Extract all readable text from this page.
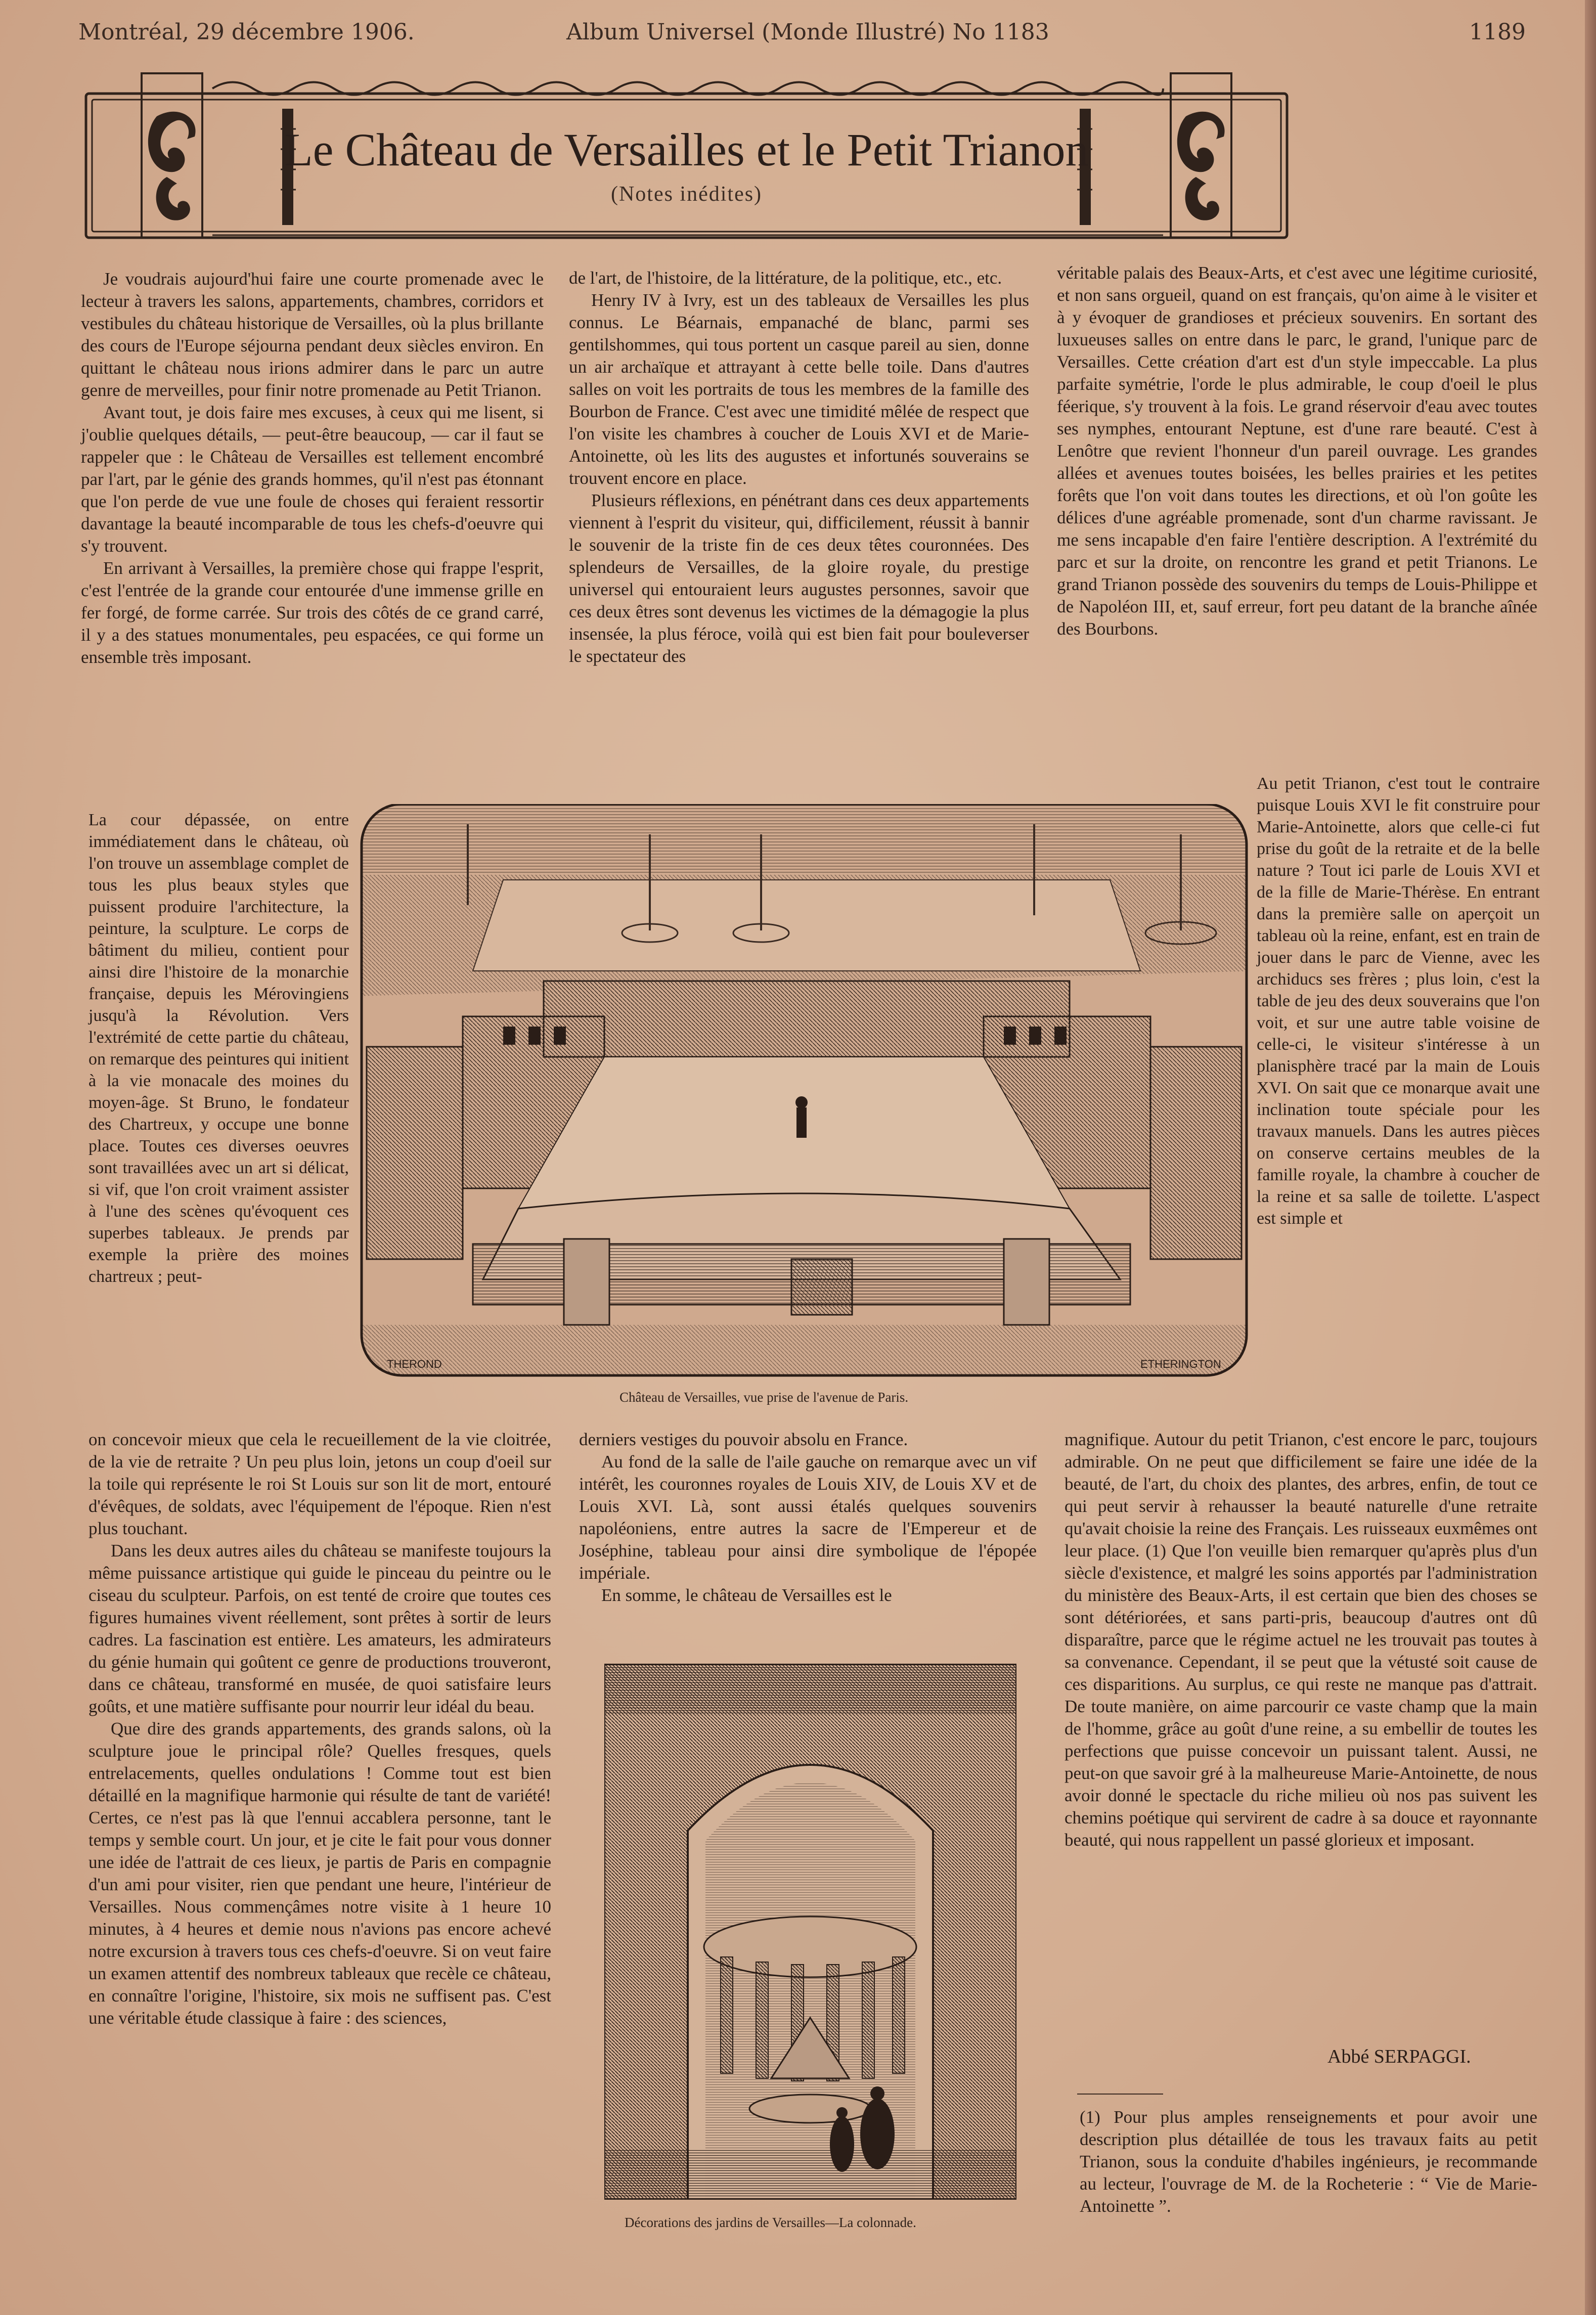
Montréal, 29 décembre 1906.	Album Universel (Monde Illustré) No 1183	1189
Le Château de Versailles et le Petit Trianon
(Notes inédites)

Je voudrais aujourd'hui faire une courte promenade avec le lecteur à travers les salons, appartements, chambres, corridors et vestibules du château historique de Versailles, où la plus brillante des cours de l'Europe séjourna pendant deux siècles environ. En quittant le château nous irions admirer dans le parc un autre genre de merveilles, pour finir notre promenade au Petit Trianon.

Avant tout, je dois faire mes excuses, à ceux qui me lisent, si j'oublie quelques détails, — peut-être beaucoup, — car il faut se rappeler que : le Château de Versailles est tellement encombré par l'art, par le génie des grands hommes, qu'il n'est pas étonnant que l'on perde de vue une foule de choses qui feraient ressortir davantage la beauté incomparable de tous les chefs-d'oeuvre qui s'y trouvent.

En arrivant à Versailles, la première chose qui frappe l'esprit, c'est l'entrée de la grande cour entourée d'une immense grille en fer forgé, de forme carrée. Sur trois des côtés de ce grand carré, il y a des statues monumentales, peu espacées, ce qui forme un ensemble très imposant.

La cour dépassée, on entre immédiatement dans le château, où l'on trouve un assemblage complet de tous les plus beaux styles que puissent produire l'architecture, la peinture, la sculpture. Le corps de bâtiment du milieu, contient pour ainsi dire l'histoire de la monarchie française, depuis les Mérovingiens jusqu'à la Révolution. Vers l'extrémité de cette partie du château, on remarque des peintures qui initient à la vie monacale des moines du moyen-âge. St Bruno, le fondateur des Chartreux, y occupe une bonne place. Toutes ces diverses oeuvres sont travaillées avec un art si délicat, si vif, que l'on croit vraiment assister à l'une des scènes qu'évoquent ces superbes tableaux. Je prends par exemple la prière des moines chartreux ; peut-

on concevoir mieux que cela le recueillement de la vie cloitrée, de la vie de retraite ? Un peu plus loin, jetons un coup d'oeil sur la toile qui représente le roi St Louis sur son lit de mort, entouré d'évêques, de soldats, avec l'équipement de l'époque. Rien n'est plus touchant.

Dans les deux autres ailes du château se manifeste toujours la même puissance artistique qui guide le pinceau du peintre ou le ciseau du sculpteur. Parfois, on est tenté de croire que toutes ces figures humaines vivent réellement, sont prêtes à sortir de leurs cadres. La fascination est entière. Les amateurs, les admirateurs du génie humain qui goûtent ce genre de productions trouveront, dans ce château, transformé en musée, de quoi satisfaire leurs goûts, et une matière suffisante pour nourrir leur idéal du beau.

Que dire des grands appartements, des grands salons, où la sculpture joue le principal rôle? Quelles fresques, quels entrelacements, quelles ondulations ! Comme tout est bien détaillé en la magnifique harmonie qui résulte de tant de variété! Certes, ce n'est pas là que l'ennui accablera personne, tant le temps y semble court. Un jour, et je cite le fait pour vous donner une idée de l'attrait de ces lieux, je partis de Paris en compagnie d'un ami pour visiter, rien que pendant une heure, l'intérieur de Versailles. Nous commençâmes notre visite à 1 heure 10 minutes, à 4 heures et demie nous n'avions pas encore achevé notre excursion à travers tous ces chefs-d'oeuvre. Si on veut faire un examen attentif des nombreux tableaux que recèle ce château, en connaître l'origine, l'histoire, six mois ne suffisent pas. C'est une véritable étude classique à faire : des sciences,

de l'art, de l'histoire, de la littérature, de la politique, etc., etc.

Henry IV à Ivry, est un des tableaux de Versailles les plus connus. Le Béarnais, empanaché de blanc, parmi ses gentilshommes, qui tous portent un casque pareil au sien, donne un air archaïque et attrayant à cette belle toile. Dans d'autres salles on voit les portraits de tous les membres de la famille des Bourbon de France. C'est avec une timidité mêlée de respect que l'on visite les chambres à coucher de Louis XVI et de Marie-Antoinette, où les lits des augustes et infortunés souverains se trouvent encore en place.

Plusieurs réflexions, en pénétrant dans ces deux appartements viennent à l'esprit du visiteur, qui, difficilement, réussit à bannir le souvenir de la triste fin de ces deux têtes couronnées. Des splendeurs de Versailles, de la gloire royale, du prestige universel qui entouraient leurs augustes personnes, savoir que ces deux êtres sont devenus les victimes de la démagogie la plus insensée, la plus féroce, voilà qui est bien fait pour bouleverser le spectateur des

derniers vestiges du pouvoir absolu en France.

Au fond de la salle de l'aile gauche on remarque avec un vif intérêt, les couronnes royales de Louis XIV, de Louis XV et de Louis XVI. Là, sont aussi étalés quelques souvenirs napoléoniens, entre autres la sacre de l'Empereur et de Joséphine, tableau pour ainsi dire symbolique de l'épopée impériale.

En somme, le château de Versailles est le

véritable palais des Beaux-Arts, et c'est avec une légitime curiosité, et non sans orgueil, quand on est français, qu'on aime à le visiter et à y évoquer de grandioses et précieux souvenirs. En sortant des luxueuses salles on entre dans le parc, le grand, l'unique parc de Versailles. Cette création d'art est d'un style impeccable. La plus parfaite symétrie, l'orde le plus admirable, le coup d'oeil le plus féerique, s'y trouvent à la fois. Le grand réservoir d'eau avec toutes ses nymphes, entourant Neptune, est d'une rare beauté. C'est à Lenôtre que revient l'honneur d'un pareil ouvrage. Les grandes allées et avenues toutes boisées, les belles prairies et les petites forêts que l'on voit dans toutes les directions, et où l'on goûte les délices d'une agréable promenade, sont d'un charme ravissant. Je me sens incapable d'en faire l'entière description. A l'extrémité du parc et sur la droite, on rencontre les grand et petit Trianons. Le grand Trianon possède des souvenirs du temps de Louis-Philippe et de Napoléon III, et, sauf erreur, fort peu datant de la branche aînée des Bourbons.

Au petit Trianon, c'est tout le contraire puisque Louis XVI le fit construire pour Marie-Antoinette, alors que celle-ci fut prise du goût de la retraite et de la belle nature ? Tout ici parle de Louis XVI et de la fille de Marie-Thérèse. En entrant dans la première salle on aperçoit un tableau où la reine, enfant, est en train de jouer dans le parc de Vienne, avec les archiducs ses frères ; plus loin, c'est la table de jeu des deux souverains que l'on voit, et sur une autre table voisine de celle-ci, le visiteur s'intéresse à un planisphère tracé par la main de Louis XVI. On sait que ce monarque avait une inclination toute spéciale pour les travaux manuels. Dans les autres pièces on conserve certains meubles de la famille royale, la chambre à coucher de la reine et sa salle de toilette. L'aspect est simple et

magnifique. Autour du petit Trianon, c'est encore le parc, toujours admirable. On ne peut que difficilement se faire une idée de la beauté, de l'art, du choix des plantes, des arbres, enfin, de tout ce qui peut servir à rehausser la beauté naturelle d'une retraite qu'avait choisie la reine des Français. Les ruisseaux euxmêmes ont leur place. (1) Que l'on veuille bien remarquer qu'après plus d'un siècle d'existence, et malgré les soins apportés par l'administration du ministère des Beaux-Arts, il est certain que bien des choses se sont détériorées, et sans parti-pris, beaucoup d'autres ont dû disparaître, parce que le régime actuel ne les trouvait pas toutes à sa convenance. Cependant, il se peut que la vétusté soit cause de ces disparitions. Au surplus, ce qui reste ne manque pas d'attrait. De toute manière, on aime parcourir ce vaste champ que la main de l'homme, grâce au goût d'une reine, a su embellir de toutes les perfections que puisse concevoir un puissant talent. Aussi, ne peut-on que savoir gré à la malheureuse Marie-Antoinette, de nous avoir donné le spectacle du riche milieu où nos pas suivent les chemins poétique qui servirent de cadre à sa douce et rayonnante beauté, qui nous rappellent un passé glorieux et imposant.

Abbé SERPAGGI.
(1) Pour plus amples renseignements et pour avoir une description plus détaillée de tous les travaux faits au petit Trianon, sous la conduite d'habiles ingénieurs, je recommande au lecteur, l'ouvrage de M. de la Rocheterie : “ Vie de Marie-Antoinette ”.
THEROND	ETHERINGTON
Château de Versailles, vue prise de l'avenue de Paris.
Décorations des jardins de Versailles—La colonnade.
